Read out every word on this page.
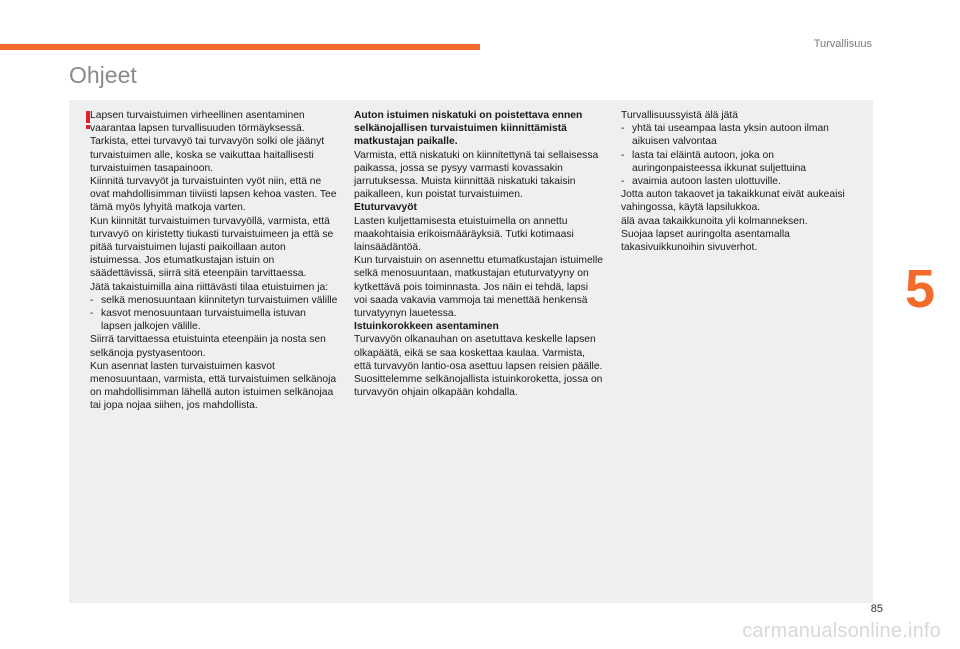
Turvallisuus
Ohjeet
5

Lapsen turvaistuimen virheellinen asentaminen vaarantaa lapsen turvallisuuden törmäyksessä.

Tarkista, ettei turvavyö tai turvavyön solki ole jäänyt turvaistuimen alle, koska se vaikuttaa haitallisesti turvaistuimen tasapainoon.

Kiinnitä turvavyöt ja turvaistuinten vyöt niin, että ne ovat mahdollisimman tiiviisti lapsen kehoa vasten. Tee tämä myös lyhyitä matkoja varten.

Kun kiinnität turvaistuimen turvavyöllä, varmista, että turvavyö on kiristetty tiukasti turvaistuimeen ja että se pitää turvaistuimen lujasti paikoillaan auton istuimessa. Jos etumatkustajan istuin on säädettävissä, siirrä sitä eteenpäin tarvittaessa.

Jätä takaistuimilla aina riittävästi tilaa etuistuimen ja:

- selkä menosuuntaan kiinnitetyn turvaistuimen välille
- kasvot menosuuntaan turvaistuimella istuvan lapsen jalkojen välille.

Siirrä tarvittaessa etuistuinta eteenpäin ja nosta sen selkänoja pystyasentoon.

Kun asennat lasten turvaistuimen kasvot menosuuntaan, varmista, että turvaistuimen selkänoja on mahdollisimman lähellä auton istuimen selkänojaa tai jopa nojaa siihen, jos mahdollista.

Auton istuimen niskatuki on poistettava ennen selkänojallisen turvaistuimen kiinnittämistä matkustajan paikalle.

Varmista, että niskatuki on kiinnitettynä tai sellaisessa paikassa, jossa se pysyy varmasti kovassakin jarrutuksessa. Muista kiinnittää niskatuki takaisin paikalleen, kun poistat turvaistuimen.

Etuturvavyöt

Lasten kuljettamisesta etuistuimella on annettu maakohtaisia erikoismääräyksiä. Tutki kotimaasi lainsäädäntöä.

Kun turvaistuin on asennettu etumatkustajan istuimelle selkä menosuuntaan, matkustajan etuturvatyyny on kytkettävä pois toiminnasta. Jos näin ei tehdä, lapsi voi saada vakavia vammoja tai menettää henkensä turvatyynyn lauetessa.

Istuinkorokkeen asentaminen

Turvavyön olkanauhan on asetuttava keskelle lapsen olkapäätä, eikä se saa koskettaa kaulaa. Varmista, että turvavyön lantio-osa asettuu lapsen reisien päälle.

Suosittelemme selkänojallista istuinkoroketta, jossa on turvavyön ohjain olkapään kohdalla.

Turvallisuussyistä älä jätä

- yhtä tai useampaa lasta yksin autoon ilman aikuisen valvontaa
- lasta tai eläintä autoon, joka on auringonpaisteessa ikkunat suljettuina
- avaimia autoon lasten ulottuville.

Jotta auton takaovet ja takaikkunat eivät aukeaisi vahingossa, käytä lapsilukkoa.

älä avaa takaikkunoita yli kolmanneksen.

Suojaa lapset auringolta asentamalla takasivuikkunoihin sivuverhot.

85
carmanualsonline.info
